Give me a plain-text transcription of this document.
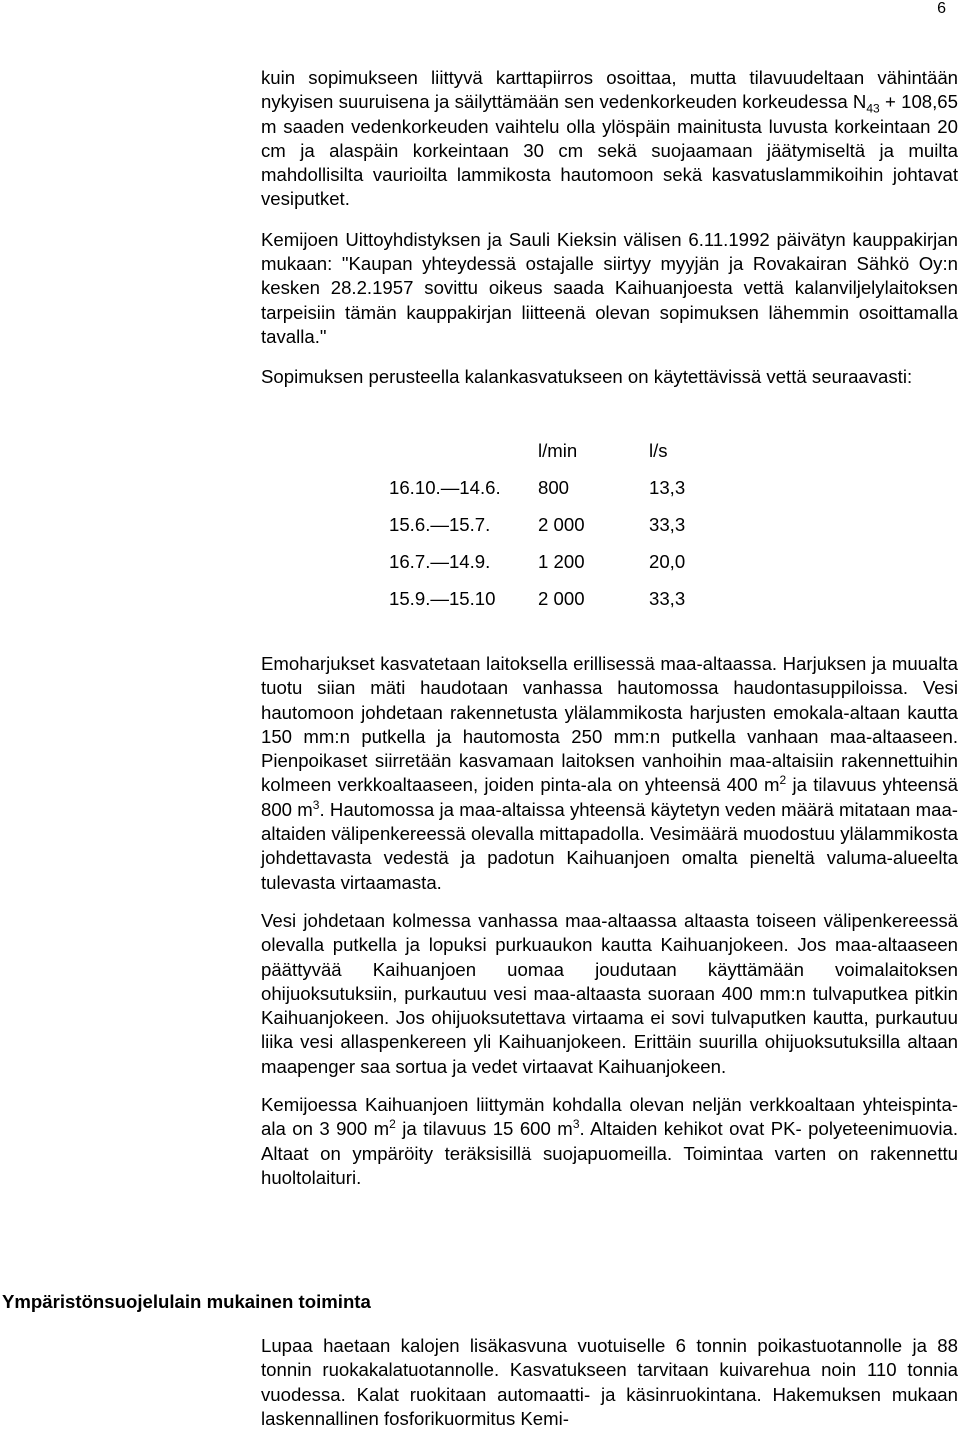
6

kuin sopimukseen liittyvä karttapiirros osoittaa, mutta tilavuudeltaan vähintään nykyisen suuruisena ja säilyttämään sen vedenkorkeuden korkeudessa $N_{43} + 108,65$ m saaden vedenkorkeuden vaihtelu olla ylöspäin mainitusta luvusta korkeintaan 20 cm ja alaspäin korkeintaan 30 cm sekä suojaamaan jäätymiseltä ja muilta mahdollisilta vaurioilta lammikosta hautomoon sekä kasvatuslammikoihin johtavat vesiputket.

Kemijoen Uittoyhdistyksen ja Sauli Kieksin välisen 6.11.1992 päivätyn kauppakirjan mukaan: "Kaupan yhteydessä ostajalle siirtyy myyjän ja Rovakairan Sähkö Oy:n kesken 28.2.1957 sovittu oikeus saada Kaihuanjoesta vettä kalanviljelylaitoksen tarpeisiin tämän kauppakirjan liitteenä olevan sopimuksen lähemmin osoittamalla tavalla."

Sopimuksen perusteella kalankasvatukseen on käytettävissä vettä seuraavasti:

	l/min	l/s
16.10.—14.6.	800	13,3
15.6.—15.7.	2 000	33,3
16.7.—14.9.	1 200	20,0
15.9.—15.10	2 000	33,3

Emoharjukset kasvatetaan laitoksella erillisessä maa-altaassa. Harjuksen ja muualta tuotu siian mäti haudotaan vanhassa hautomossa haudontasuppiloissa. Vesi hautomoon johdetaan rakennetusta ylälammikosta harjusten emokala-altaan kautta 150 mm:n putkella ja hautomosta 250 mm:n putkella vanhaan maa-altaaseen. Pienpoikaset siirretään kasvamaan laitoksen vanhoihin maa-altaisiin rakennettuihin kolmeen verkkoaltaaseen, joiden pinta-ala on yhteensä 400 $m^2$ ja tilavuus yhteensä 800 $m^3$. Hautomossa ja maa-altaissa yhteensä käytetyn veden määrä mitataan maa-altaiden välipenkereessä olevalla mittapadolla. Vesimäärä muodostuu ylälammikosta johdettavasta vedestä ja padotun Kaihuanjoen omalta pieneltä valuma-alueelta tulevasta virtaamasta.

Vesi johdetaan kolmessa vanhassa maa-altaassa altaasta toiseen välipenkereessä olevalla putkella ja lopuksi purkuaukon kautta Kaihuanjokeen. Jos maa-altaaseen päättyvää Kaihuanjoen uomaa joudutaan käyttämään voimalaitoksen ohijuoksutuksiin, purkautuu vesi maa-altaasta suoraan 400 mm:n tulvaputkea pitkin Kaihuanjokeen. Jos ohijuoksutettava virtaama ei sovi tulvaputken kautta, purkautuu liika vesi allaspenkereen yli Kaihuanjokeen. Erittäin suurilla ohijuoksutuksilla altaan maapenger saa sortua ja vedet virtaavat Kaihuanjokeen.

Kemijoessa Kaihuanjoen liittymän kohdalla olevan neljän verkkoaltaan yhteispinta-ala on 3 900 $m^2$ ja tilavuus 15 600 $m^3$. Altaiden kehikot ovat PK- polyeteenimuovia. Altaat on ympäröity teräksisillä suojapuomeilla. Toimintaa varten on rakennettu huoltolaituri.

Ympäristönsuojelulain mukainen toiminta

Lupaa haetaan kalojen lisäkasvuna vuotuiselle 6 tonnin poikastuotannolle ja 88 tonnin ruokakalatuotannolle. Kasvatukseen tarvitaan kuivarehua noin 110 tonnia vuodessa. Kalat ruokitaan automaatti- ja käsinruokintana. Hakemuksen mukaan laskennallinen fosforikuormitus Kemi-
